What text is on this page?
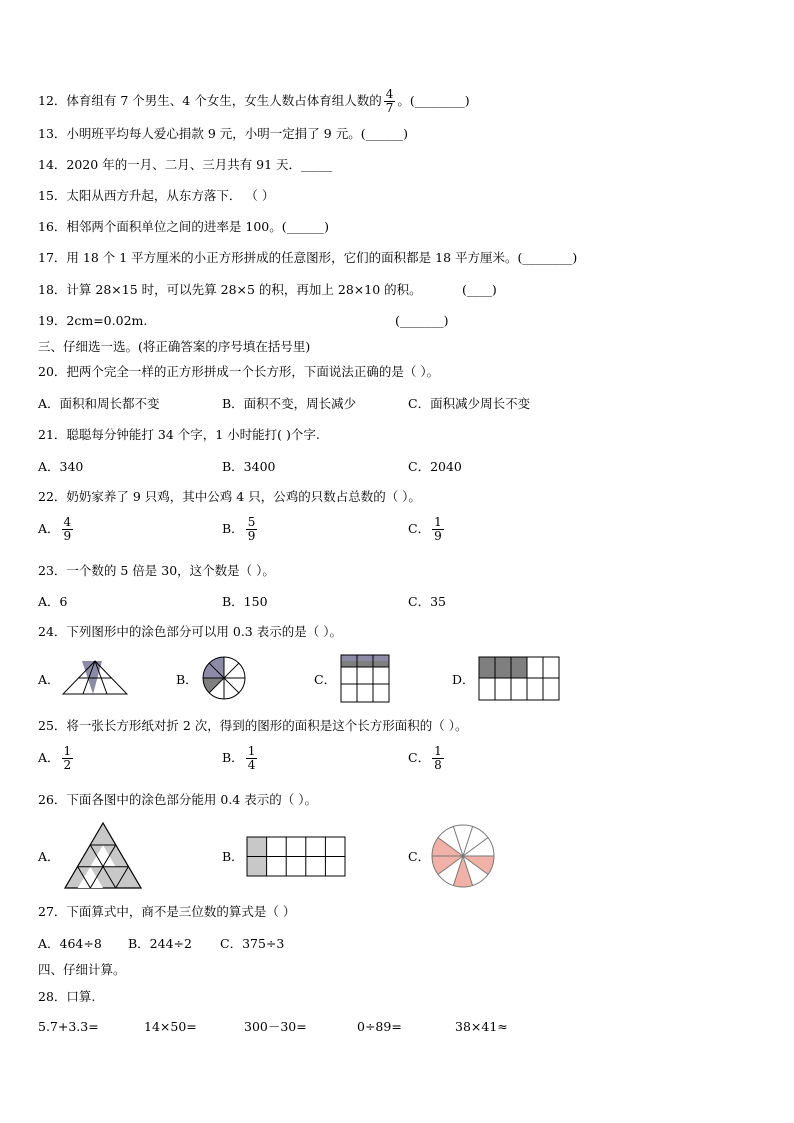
12．体育组有 7 个男生、4 个女生，女生人数占体育组人数的 $\frac{4}{7}$ 。(________)
13．小明班平均每人爱心捐款 9 元，小明一定捐了 9 元。(______)
14．2020 年的一月、二月、三月共有 91 天．_____
15．太阳从西方升起，从东方落下． （ ）
16．相邻两个面积单位之间的进率是 100。(______)
17．用 18 个 1 平方厘米的小正方形拼成的任意图形，它们的面积都是 18 平方厘米。(________)
18．计算 28×15 时，可以先算 28×5 的积，再加上 28×10 的积。	(____)
19．2cm=0.02m.	(_______)
三、仔细选一选。(将正确答案的序号填在括号里)
20．把两个完全一样的正方形拼成一个长方形，下面说法正确的是（ ）。
A．面积和周长都不变	B．面积不变，周长减少	C．面积减少周长不变
21．聪聪每分钟能打 34 个字，1 小时能打( )个字.
A．340	B．3400	C．2040
22．奶奶家养了 9 只鸡，其中公鸡 4 只，公鸡的只数占总数的（ ）。
A． $\frac{4}{9}$	B． $\frac{5}{9}$	C． $\frac{1}{9}$
23．一个数的 5 倍是 30，这个数是（ ）。
A．6	B．150	C．35
24．下列图形中的涂色部分可以用 0.3 表示的是（ ）。
A．	B．	C．	D．
25．将一张长方形纸对折 2 次，得到的图形的面积是这个长方形面积的（ ）。
A． $\frac{1}{2}$	B． $\frac{1}{4}$	C． $\frac{1}{8}$
26．下面各图中的涂色部分能用 0.4 表示的（ ）。
A．	B．	C．
27．下面算式中，商不是三位数的算式是（ ）
A．464÷8 B．244÷2 C．375÷3
四、仔细计算。
28．口算.
5.7+3.3=	14×50=	300－30=	0÷89=	38×41≈
